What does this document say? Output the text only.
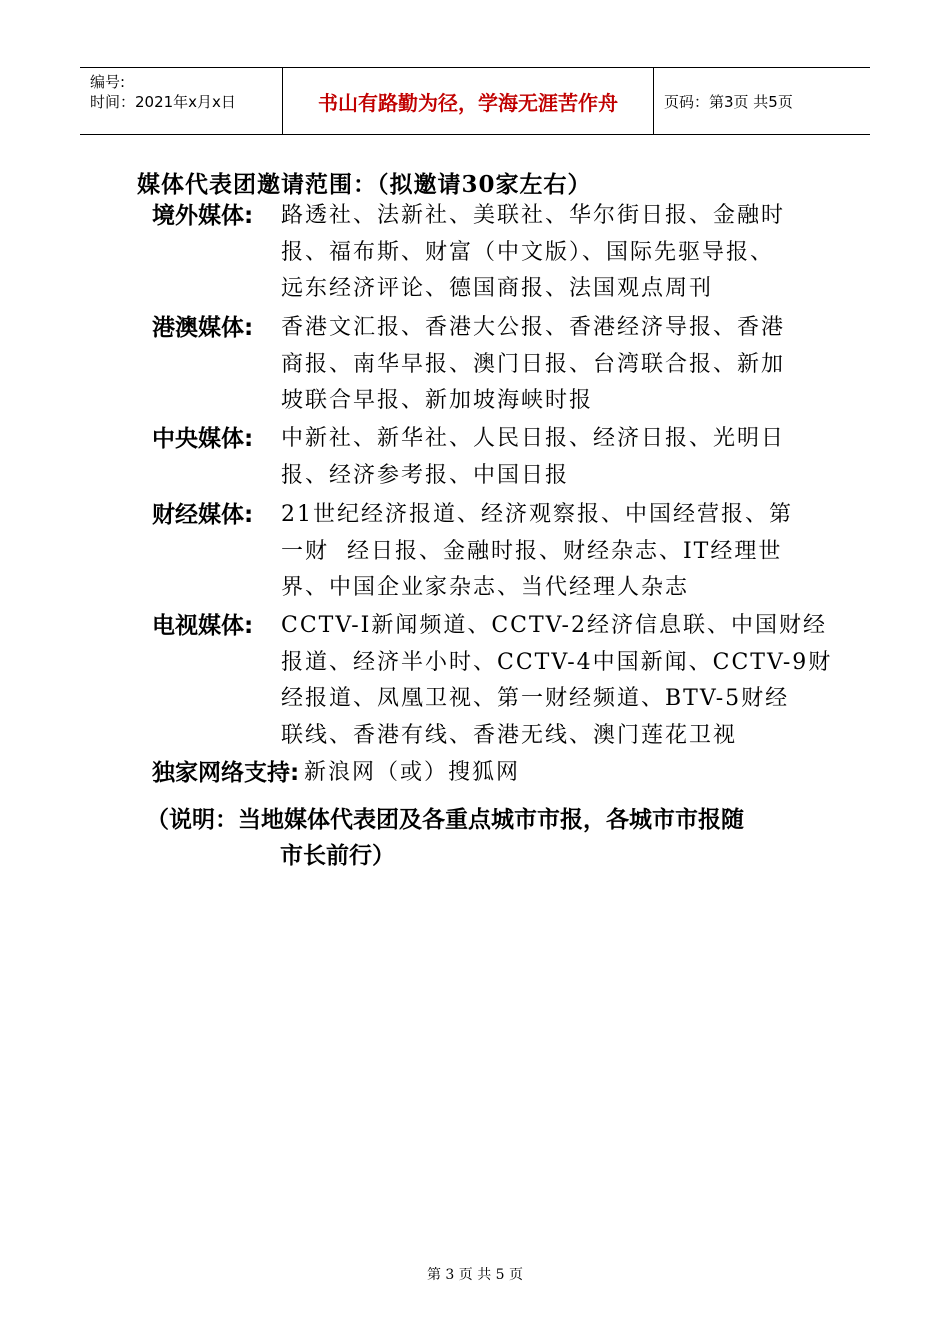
编号:
时间：2021年x月x日	书山有路勤为径，学海无涯苦作舟	页码：第3页 共5页
媒体代表团邀请范围：（拟邀请30家左右）
境外媒体: 路透社、法新社、美联社、华尔街日报、金融时
报、福布斯、财富（中文版）、国际先驱导报、
远东经济评论、德国商报、法国观点周刊
港澳媒体: 香港文汇报、香港大公报、香港经济导报、香港
商报、南华早报、澳门日报、台湾联合报、新加
坡联合早报、新加坡海峡时报
中央媒体: 中新社、新华社、人民日报、经济日报、光明日
报、经济参考报、中国日报
财经媒体: 21世纪经济报道、经济观察报、中国经营报、第
一财  经日报、金融时报、财经杂志、IT经理世
界、中国企业家杂志、当代经理人杂志
电视媒体: CCTV-I新闻频道、CCTV-2经济信息联、中国财经
报道、经济半小时、CCTV-4中国新闻、CCTV-9财
经报道、凤凰卫视、第一财经频道、BTV-5财经
联线、香港有线、香港无线、澳门莲花卫视
独家网络支持: 新浪网（或）搜狐网
（说明：当地媒体代表团及各重点城市市报，各城市市报随
市长前行）
第 3 页 共 5 页
